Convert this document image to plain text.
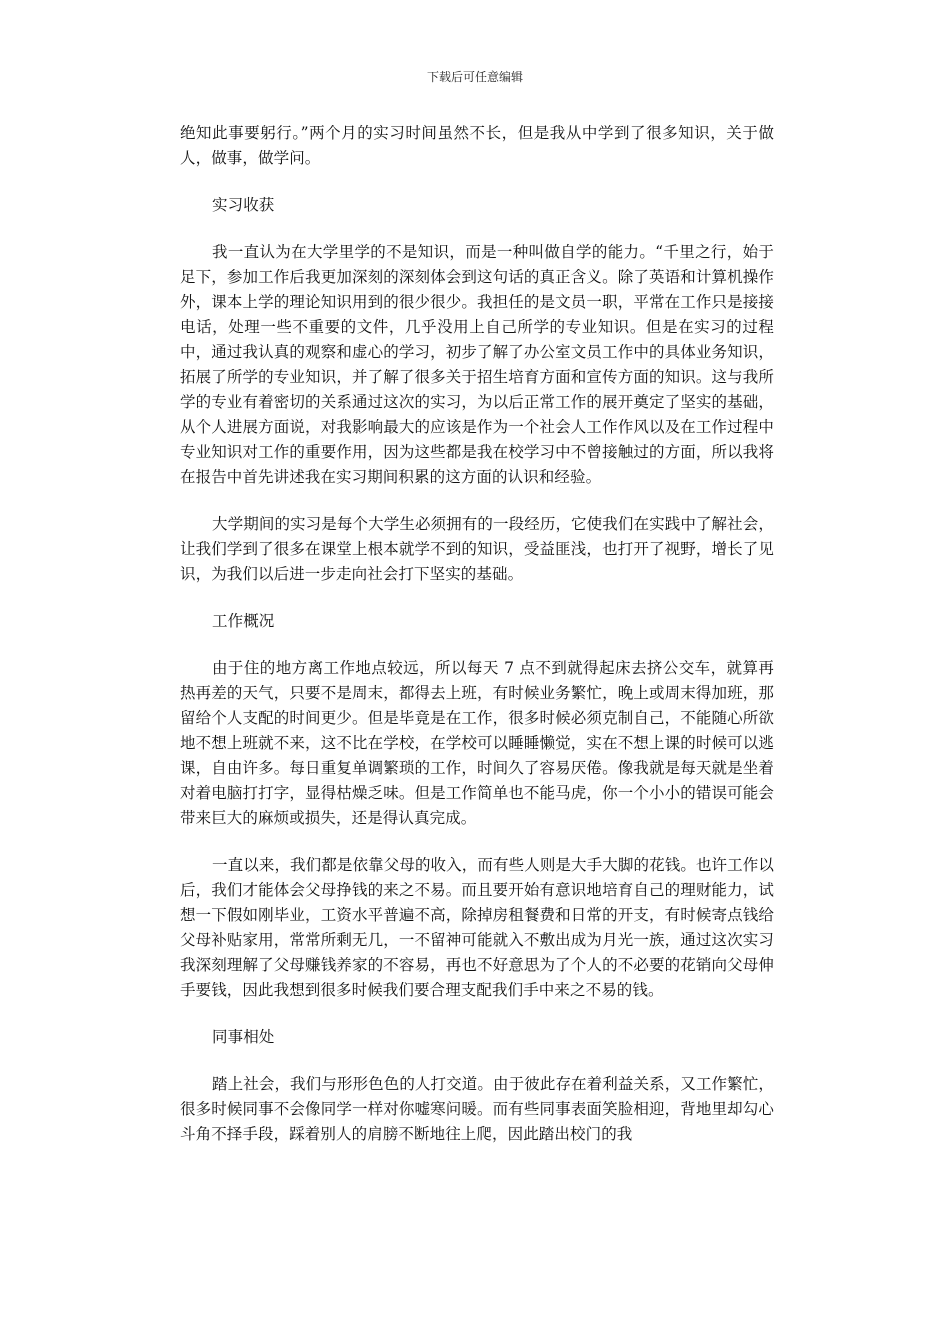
下载后可任意编辑

绝知此事要躬行。”两个月的实习时间虽然不长，但是我从中学到了很多知识，关于做人，做事，做学问。

实习收获

我一直认为在大学里学的不是知识，而是一种叫做自学的能力。“千里之行，始于足下，参加工作后我更加深刻的深刻体会到这句话的真正含义。除了英语和计算机操作外，课本上学的理论知识用到的很少很少。我担任的是文员一职，平常在工作只是接接电话，处理一些不重要的文件，几乎没用上自己所学的专业知识。但是在实习的过程中，通过我认真的观察和虚心的学习，初步了解了办公室文员工作中的具体业务知识，拓展了所学的专业知识，并了解了很多关于招生培育方面和宣传方面的知识。这与我所学的专业有着密切的关系通过这次的实习，为以后正常工作的展开奠定了坚实的基础，从个人进展方面说，对我影响最大的应该是作为一个社会人工作作风以及在工作过程中专业知识对工作的重要作用，因为这些都是我在校学习中不曾接触过的方面，所以我将在报告中首先讲述我在实习期间积累的这方面的认识和经验。

大学期间的实习是每个大学生必须拥有的一段经历，它使我们在实践中了解社会，让我们学到了很多在课堂上根本就学不到的知识，受益匪浅，也打开了视野，增长了见识，为我们以后进一步走向社会打下坚实的基础。

工作概况

由于住的地方离工作地点较远，所以每天 7 点不到就得起床去挤公交车，就算再热再差的天气，只要不是周末，都得去上班，有时候业务繁忙，晚上或周末得加班，那留给个人支配的时间更少。但是毕竟是在工作，很多时候必须克制自己，不能随心所欲地不想上班就不来，这不比在学校，在学校可以睡睡懒觉，实在不想上课的时候可以逃课，自由许多。每日重复单调繁琐的工作，时间久了容易厌倦。像我就是每天就是坐着对着电脑打打字，显得枯燥乏味。但是工作简单也不能马虎，你一个小小的错误可能会带来巨大的麻烦或损失，还是得认真完成。

一直以来，我们都是依靠父母的收入，而有些人则是大手大脚的花钱。也许工作以后，我们才能体会父母挣钱的来之不易。而且要开始有意识地培育自己的理财能力，试想一下假如刚毕业，工资水平普遍不高，除掉房租餐费和日常的开支，有时候寄点钱给父母补贴家用，常常所剩无几，一不留神可能就入不敷出成为月光一族，通过这次实习我深刻理解了父母赚钱养家的不容易，再也不好意思为了个人的不必要的花销向父母伸手要钱，因此我想到很多时候我们要合理支配我们手中来之不易的钱。

同事相处

踏上社会，我们与形形色色的人打交道。由于彼此存在着利益关系，又工作繁忙，很多时候同事不会像同学一样对你嘘寒问暖。而有些同事表面笑脸相迎，背地里却勾心斗角不择手段，踩着别人的肩膀不断地往上爬，因此踏出校门的我
